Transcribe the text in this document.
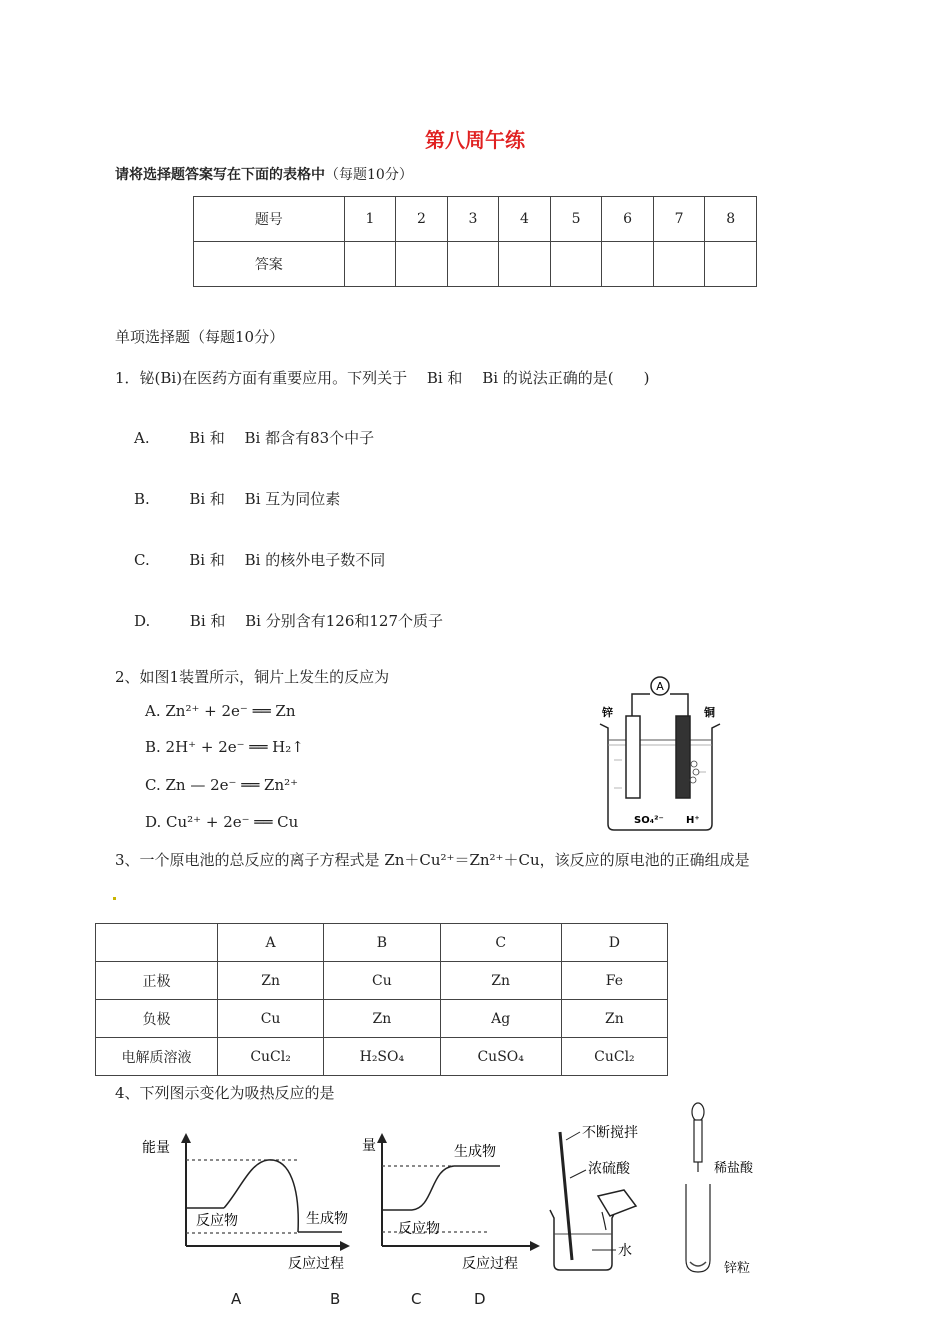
第八周午练
请将选择题答案写在下面的表格中（每题10分）
题号	1	2	3	4	5	6	7	8
答案								
单项选择题（每题10分）
1．铋(Bi)在医药方面有重要应用。下列关于 　Bi 和 　Bi 的说法正确的是(　　)
A.　 　 Bi 和　 Bi 都含有83个中子
B.　 　 Bi 和　 Bi 互为同位素
C.　 　 Bi 和　 Bi 的核外电子数不同
D.　 　 Bi 和　 Bi 分别含有126和127个质子
2、如图1装置所示，铜片上发生的反应为
A. Zn²⁺ + 2e⁻ ══ Zn
B. 2H⁺ + 2e⁻ ══ H₂↑
C. Zn — 2e⁻ ══ Zn²⁺
D. Cu²⁺ + 2e⁻ ══ Cu
A
锌	铜
SO₄²⁻ H⁺
3、一个原电池的总反应的离子方程式是 Zn＋Cu²⁺＝Zn²⁺＋Cu，该反应的原电池的正确组成是
	A	B	C	D
正极	Zn	Cu	Zn	Fe
负极	Cu	Zn	Ag	Zn
电解质溶液	CuCl₂	H₂SO₄	CuSO₄	CuCl₂
4、下列图示变化为吸热反应的是
能量
反应物	生成物
反应过程
量
反应物
生成物
反应过程
不断搅拌
浓硫酸
水
稀盐酸
锌粒
A	B	C	D
